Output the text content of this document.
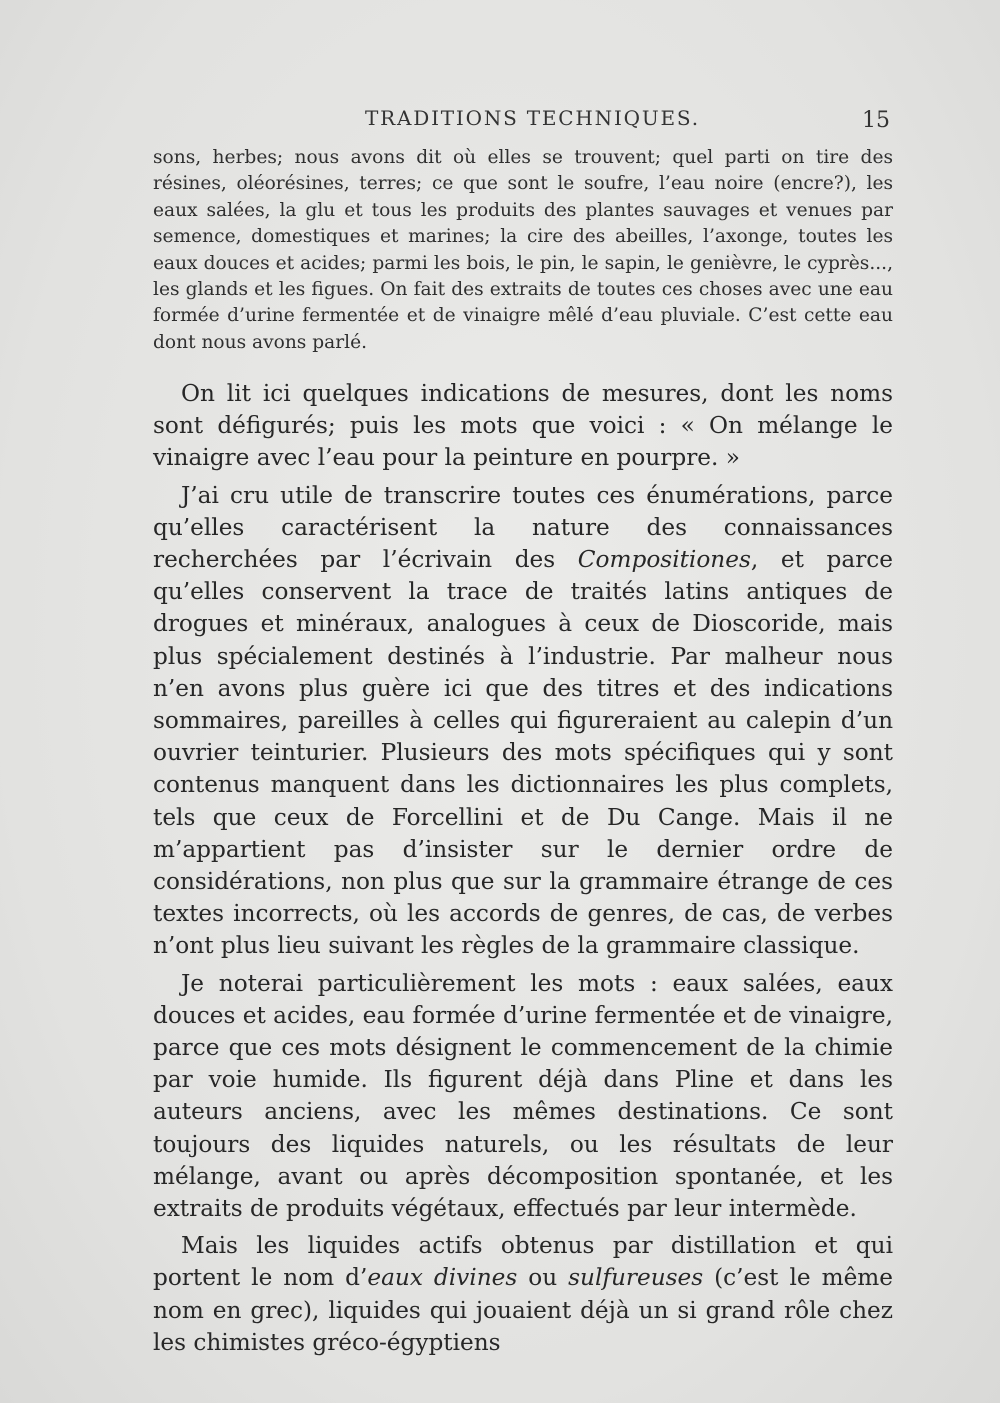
TRADITIONS TECHNIQUES.	15

sons, herbes; nous avons dit où elles se trouvent; quel parti on tire des résines, oléorésines, terres; ce que sont le soufre, l’eau noire (encre?), les eaux salées, la glu et tous les produits des plantes sauvages et venues par semence, domestiques et marines; la cire des abeilles, l’axonge, toutes les eaux douces et acides; parmi les bois, le pin, le sapin, le genièvre, le cyprès..., les glands et les figues. On fait des extraits de toutes ces choses avec une eau formée d’urine fermentée et de vinaigre mêlé d’eau pluviale. C’est cette eau dont nous avons parlé.

On lit ici quelques indications de mesures, dont les noms sont défigurés; puis les mots que voici : « On mélange le vinaigre avec l’eau pour la peinture en pourpre. »

J’ai cru utile de transcrire toutes ces énumérations, parce qu’elles caractérisent la nature des connaissances recherchées par l’écrivain des Compositiones, et parce qu’elles conservent la trace de traités latins antiques de drogues et minéraux, analogues à ceux de Dioscoride, mais plus spécialement destinés à l’industrie. Par malheur nous n’en avons plus guère ici que des titres et des indications sommaires, pareilles à celles qui figureraient au calepin d’un ouvrier teinturier. Plusieurs des mots spécifiques qui y sont contenus manquent dans les dictionnaires les plus complets, tels que ceux de Forcellini et de Du Cange. Mais il ne m’appartient pas d’insister sur le dernier ordre de considérations, non plus que sur la grammaire étrange de ces textes incorrects, où les accords de genres, de cas, de verbes n’ont plus lieu suivant les règles de la grammaire classique.

Je noterai particulièrement les mots : eaux salées, eaux douces et acides, eau formée d’urine fermentée et de vinaigre, parce que ces mots désignent le commencement de la chimie par voie humide. Ils figurent déjà dans Pline et dans les auteurs anciens, avec les mêmes destinations. Ce sont toujours des liquides naturels, ou les résultats de leur mélange, avant ou après décomposition spontanée, et les extraits de produits végétaux, effectués par leur intermède.

Mais les liquides actifs obtenus par distillation et qui portent le nom d’eaux divines ou sulfureuses (c’est le même nom en grec), liquides qui jouaient déjà un si grand rôle chez les chimistes gréco-égyptiens
